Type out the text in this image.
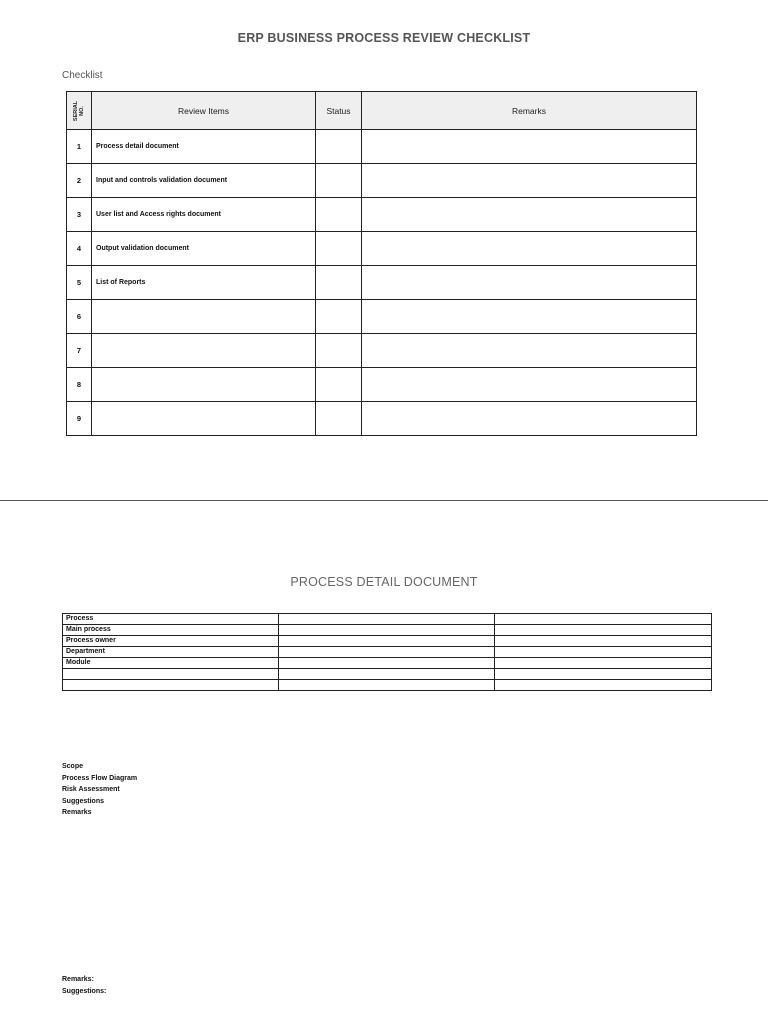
ERP BUSINESS PROCESS REVIEW CHECKLIST
Checklist
SERIAL
NO.	Review Items	Status	Remarks
1	Process detail document		
2	Input and controls validation document		
3	User list and Access rights document		
4	Output validation document		
5	List of Reports		
6			
7			
8			
9			
PROCESS DETAIL DOCUMENT
Process		
Main process		
Process owner		
Department		
Module		

Scope
Process Flow Diagram
Risk Assessment
Suggestions
Remarks
Remarks:
Suggestions:
